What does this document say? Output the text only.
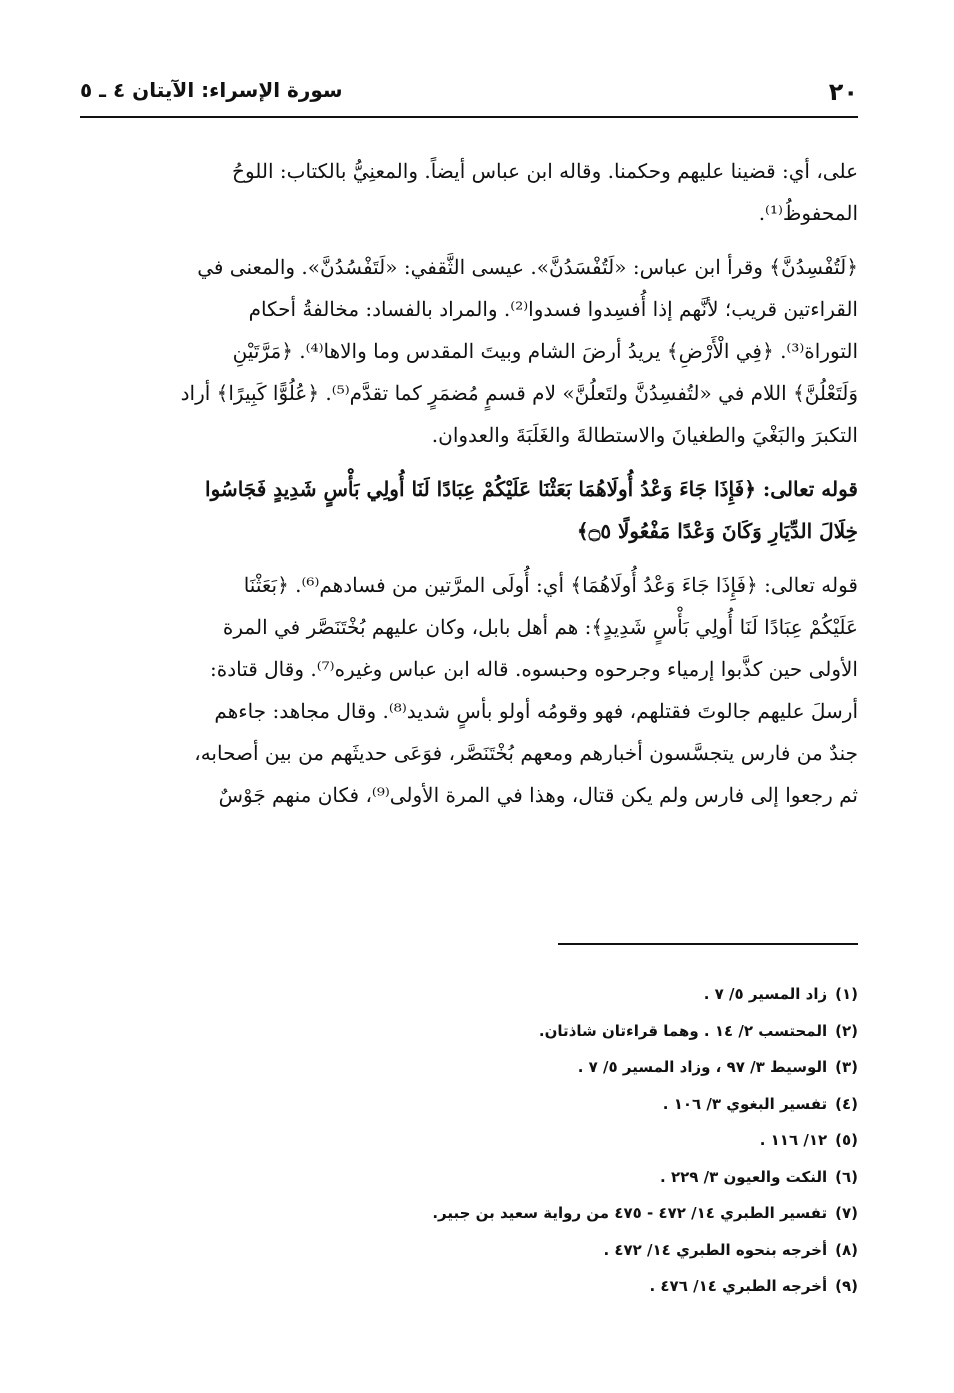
سورة الإسراء: الآيتان ٤ ـ ٥	٢٠
على، أي: قضينا عليهم وحكمنا. وقاله ابن عباس أيضاً. والمعنِيُّ بالكتاب: اللوحُ
المحفوظُ⁽¹⁾.
﴿لَتُفْسِدُنَّ﴾ وقرأ ابن عباس: «لَتُفْسَدُنَّ». عيسى الثَّقفي: «لَتَفْسُدُنَّ». والمعنى في
القراءتين قريب؛ لأنَّهم إذا أُفسِدوا فسدوا⁽²⁾. والمراد بالفساد: مخالفةُ أحكام
التوراة⁽³⁾. ﴿فِي الْأَرْضِ﴾ يريدُ أرضَ الشام وبيتَ المقدس وما والاها⁽⁴⁾. ﴿مَرَّتَيْنِ
وَلَتَعْلُنَّ﴾ اللام في «لتُفسِدُنَّ ولتَعلُنَّ» لام قسمٍ مُضمَرٍ كما تقدَّم⁽⁵⁾. ﴿عُلُوًّا كَبِيرًا﴾ أراد
التكبرَ والبَغْيَ والطغيانَ والاستطالةَ والغَلَبَةَ والعدوان.
قوله تعالى: ﴿فَإِذَا جَاءَ وَعْدُ أُولَاهُمَا بَعَثْنَا عَلَيْكُمْ عِبَادًا لَنَا أُولِي بَأْسٍ شَدِيدٍ فَجَاسُوا
خِلَالَ الدِّيَارِ وَكَانَ وَعْدًا مَفْعُولًا ۝٥﴾
قوله تعالى: ﴿فَإِذَا جَاءَ وَعْدُ أُولَاهُمَا﴾ أي: أُولَى المرَّتين من فسادهم⁽⁶⁾. ﴿بَعَثْنَا
عَلَيْكُمْ عِبَادًا لَنَا أُولِي بَأْسٍ شَدِيدٍ﴾: هم أهل بابل، وكان عليهم بُخْتَنَصَّر في المرة
الأولى حين كذَّبوا إرمياء وجرحوه وحبسوه. قاله ابن عباس وغيره⁽⁷⁾. وقال قتادة:
أرسلَ عليهم جالوتَ فقتلهم، فهو وقومُه أولو بأسٍ شديد⁽⁸⁾. وقال مجاهد: جاءهم
جندٌ من فارس يتجسَّسون أخبارهم ومعهم بُخْتَنَصَّر، فوَعَى حديثَهم من بين أصحابه،
ثم رجعوا إلى فارس ولم يكن قتال، وهذا في المرة الأولى⁽⁹⁾، فكان منهم جَوْسٌ
(١)زاد المسير ٥/ ٧ .
(٢)المحتسب ٢/ ١٤ . وهما قراءتان شاذتان.
(٣)الوسيط ٣/ ٩٧ ، وزاد المسير ٥/ ٧ .
(٤)تفسير البغوي ٣/ ١٠٦ .
(٥)١٢/ ١١٦ .
(٦)النكت والعيون ٣/ ٢٢٩ .
(٧)تفسير الطبري ١٤/ ٤٧٢ - ٤٧٥ من رواية سعيد بن جبير.
(٨)أخرجه بنحوه الطبري ١٤/ ٤٧٢ .
(٩)أخرجه الطبري ١٤/ ٤٧٦ .
